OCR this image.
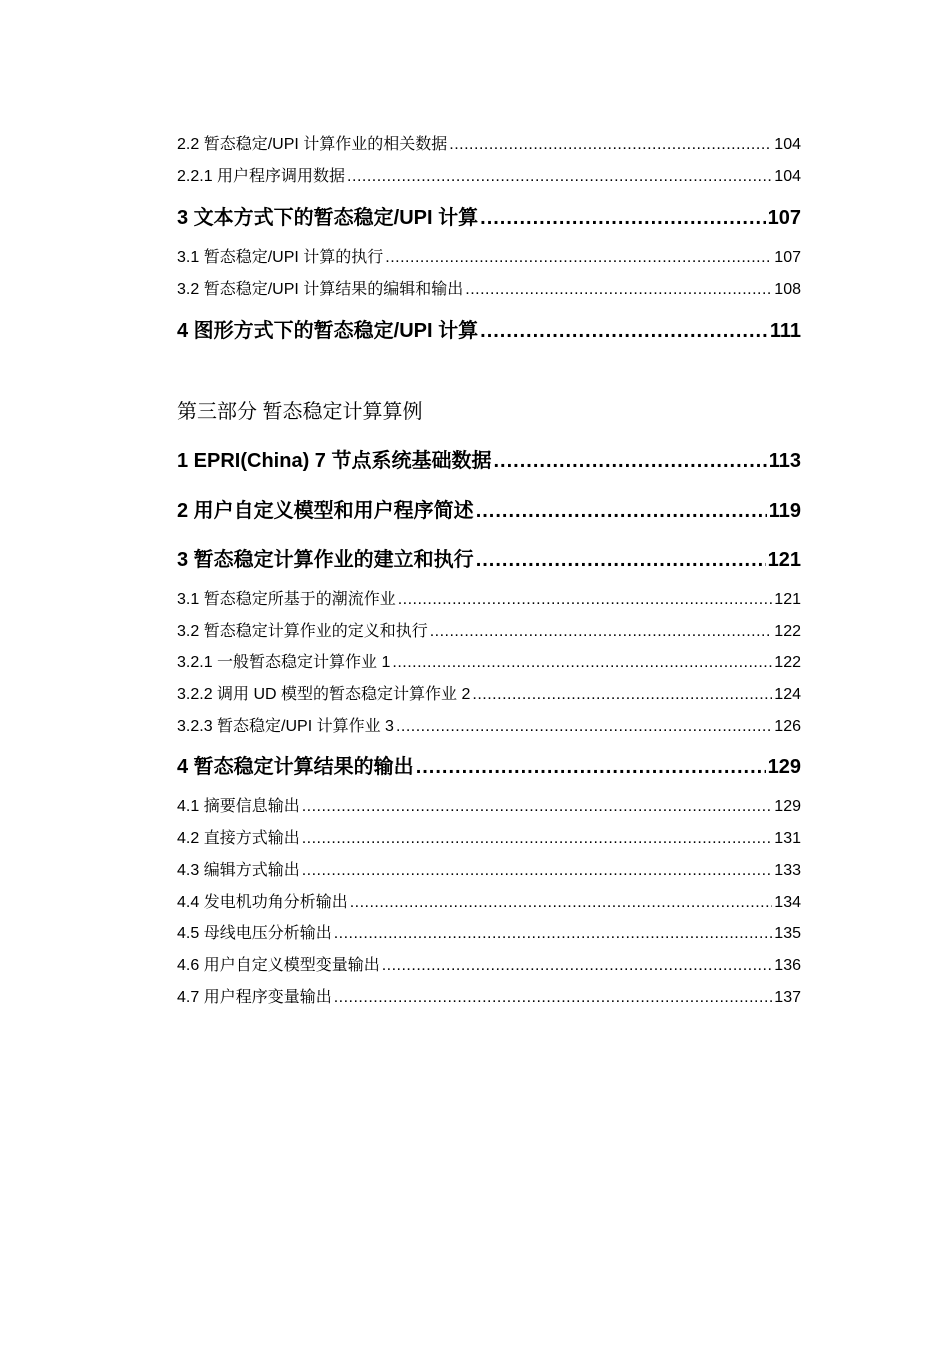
2.2 暂态稳定/UPI 计算作业的相关数据 .....	104
2.2.1 用户程序调用数据 .....	104
3 文本方式下的暂态稳定/UPI 计算 .....	107
3.1 暂态稳定/UPI 计算的执行 .....	107
3.2 暂态稳定/UPI 计算结果的编辑和输出 .....	108
4 图形方式下的暂态稳定/UPI 计算 .....	111
第三部分 暂态稳定计算算例
1 EPRI(China) 7 节点系统基础数据 .....	113
2 用户自定义模型和用户程序简述 .....	119
3 暂态稳定计算作业的建立和执行 .....	121
3.1 暂态稳定所基于的潮流作业 .....	121
3.2 暂态稳定计算作业的定义和执行 .....	122
3.2.1 一般暂态稳定计算作业 1 .....	122
3.2.2 调用 UD 模型的暂态稳定计算作业 2 .....	124
3.2.3 暂态稳定/UPI 计算作业 3 .....	126
4 暂态稳定计算结果的输出 .....	129
4.1 摘要信息输出 .....	129
4.2 直接方式输出 .....	131
4.3 编辑方式输出 .....	133
4.4 发电机功角分析输出 .....	134
4.5 母线电压分析输出 .....	135
4.6 用户自定义模型变量输出 .....	136
4.7 用户程序变量输出 .....	137
